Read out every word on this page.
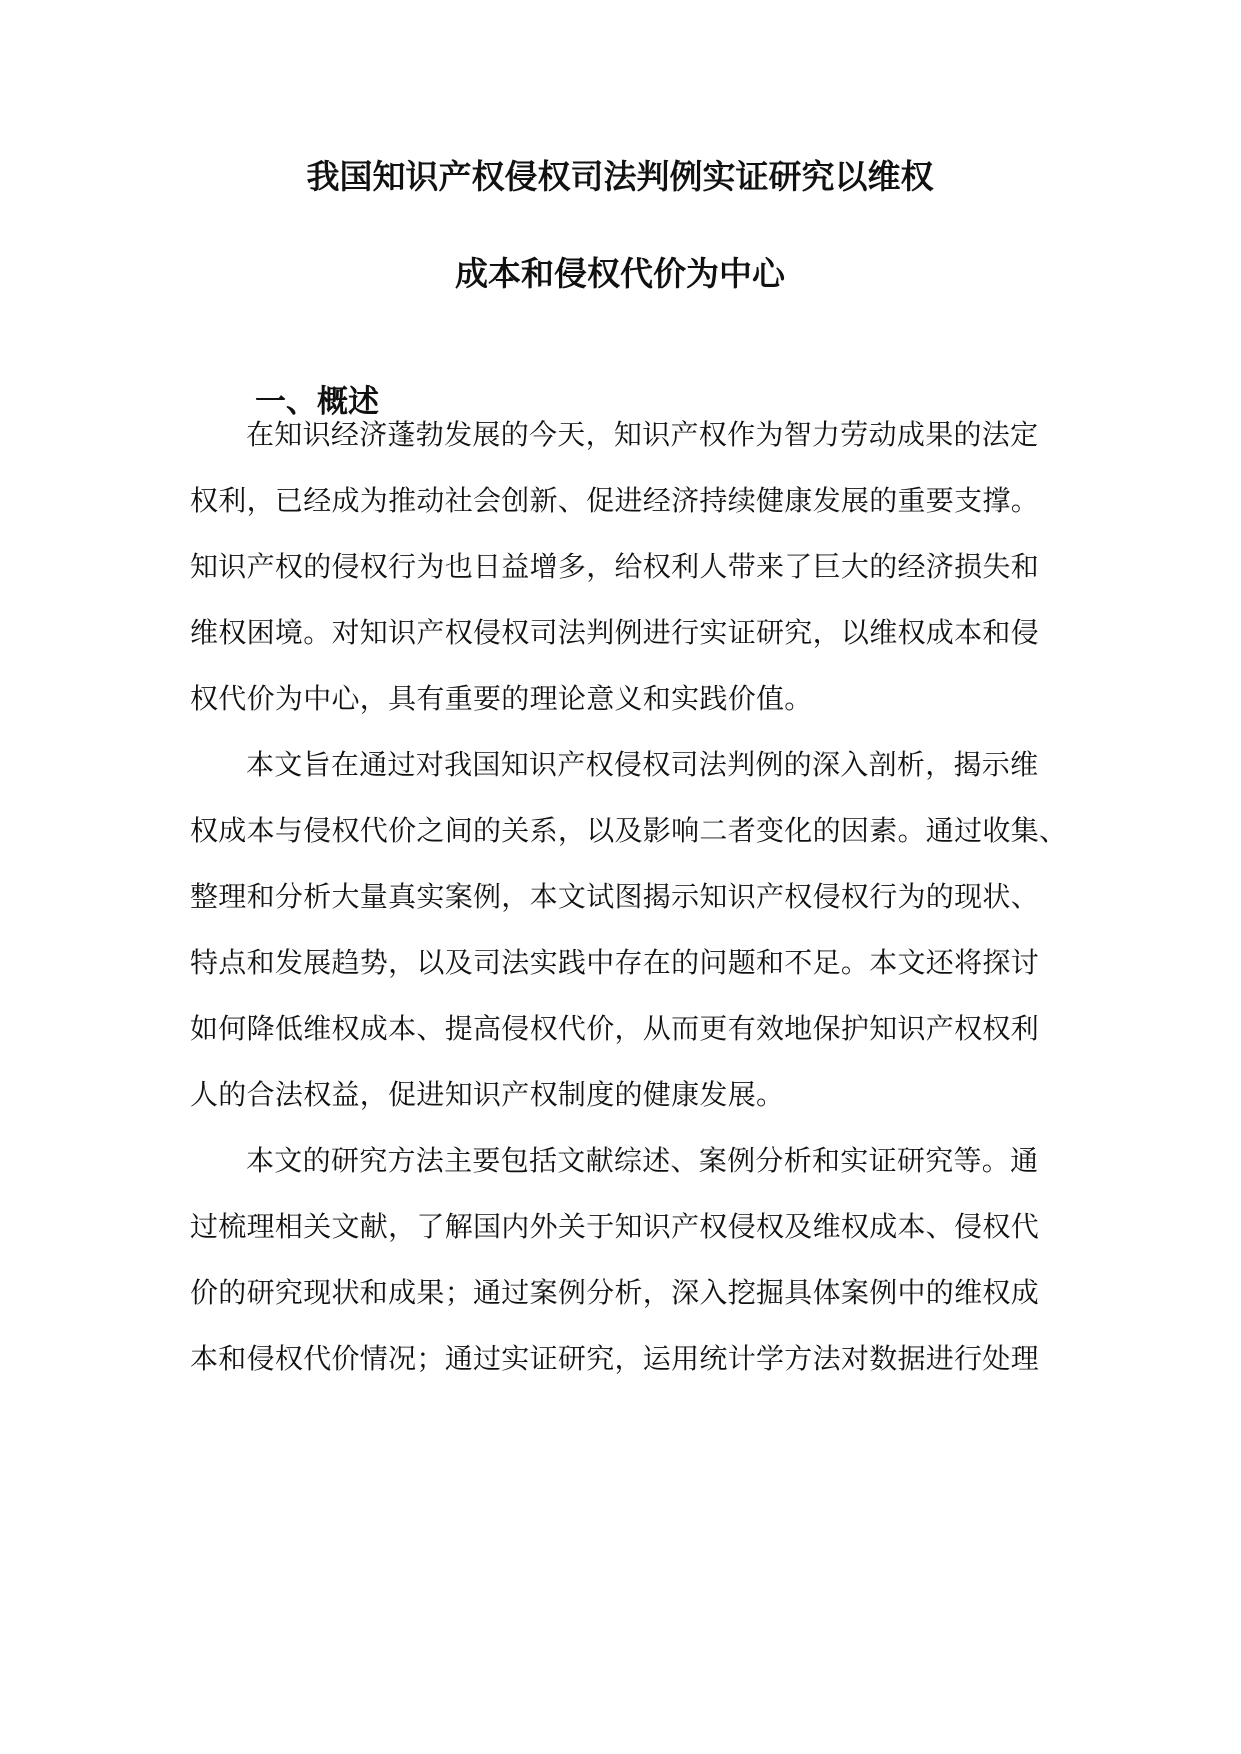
我国知识产权侵权司法判例实证研究以维权
成本和侵权代价为中心
一、概述

在知识经济蓬勃发展的今天，知识产权作为智力劳动成果的法定

权利，已经成为推动社会创新、促进经济持续健康发展的重要支撑。

知识产权的侵权行为也日益增多，给权利人带来了巨大的经济损失和

维权困境。对知识产权侵权司法判例进行实证研究，以维权成本和侵

权代价为中心，具有重要的理论意义和实践价值。

本文旨在通过对我国知识产权侵权司法判例的深入剖析，揭示维

权成本与侵权代价之间的关系，以及影响二者变化的因素。通过收集、

整理和分析大量真实案例，本文试图揭示知识产权侵权行为的现状、

特点和发展趋势，以及司法实践中存在的问题和不足。本文还将探讨

如何降低维权成本、提高侵权代价，从而更有效地保护知识产权权利

人的合法权益，促进知识产权制度的健康发展。

本文的研究方法主要包括文献综述、案例分析和实证研究等。通

过梳理相关文献，了解国内外关于知识产权侵权及维权成本、侵权代

价的研究现状和成果；通过案例分析，深入挖掘具体案例中的维权成

本和侵权代价情况；通过实证研究，运用统计学方法对数据进行处理
